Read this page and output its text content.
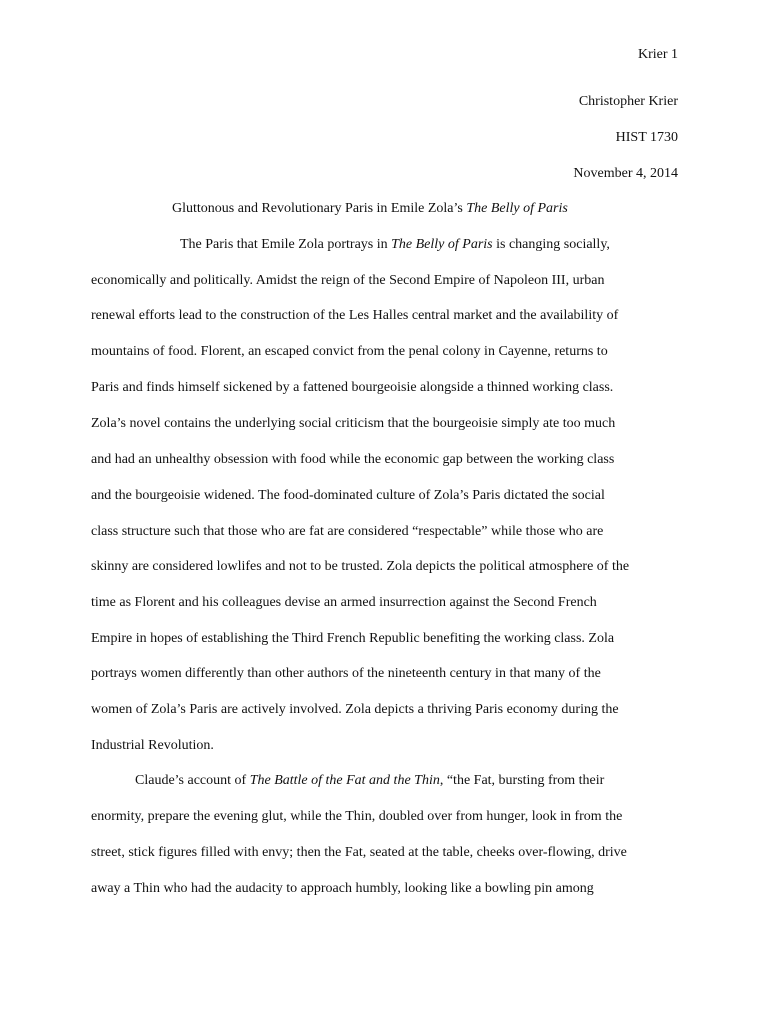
Krier 1
Christopher Krier
HIST 1730
November 4, 2014
Gluttonous and Revolutionary Paris in Emile Zola’s The Belly of Paris
The Paris that Emile Zola portrays in The Belly of Paris is changing socially,
economically and politically. Amidst the reign of the Second Empire of Napoleon III, urban
renewal efforts lead to the construction of the Les Halles central market and the availability of
mountains of food. Florent, an escaped convict from the penal colony in Cayenne, returns to
Paris and finds himself sickened by a fattened bourgeoisie alongside a thinned working class.
Zola’s novel contains the underlying social criticism that the bourgeoisie simply ate too much
and had an unhealthy obsession with food while the economic gap between the working class
and the bourgeoisie widened. The food-dominated culture of Zola’s Paris dictated the social
class structure such that those who are fat are considered “respectable” while those who are
skinny are considered lowlifes and not to be trusted. Zola depicts the political atmosphere of the
time as Florent and his colleagues devise an armed insurrection against the Second French
Empire in hopes of establishing the Third French Republic benefiting the working class. Zola
portrays women differently than other authors of the nineteenth century in that many of the
women of Zola’s Paris are actively involved. Zola depicts a thriving Paris economy during the
Industrial Revolution.
Claude’s account of The Battle of the Fat and the Thin, “the Fat, bursting from their
enormity, prepare the evening glut, while the Thin, doubled over from hunger, look in from the
street, stick figures filled with envy; then the Fat, seated at the table, cheeks over-flowing, drive
away a Thin who had the audacity to approach humbly, looking like a bowling pin among
